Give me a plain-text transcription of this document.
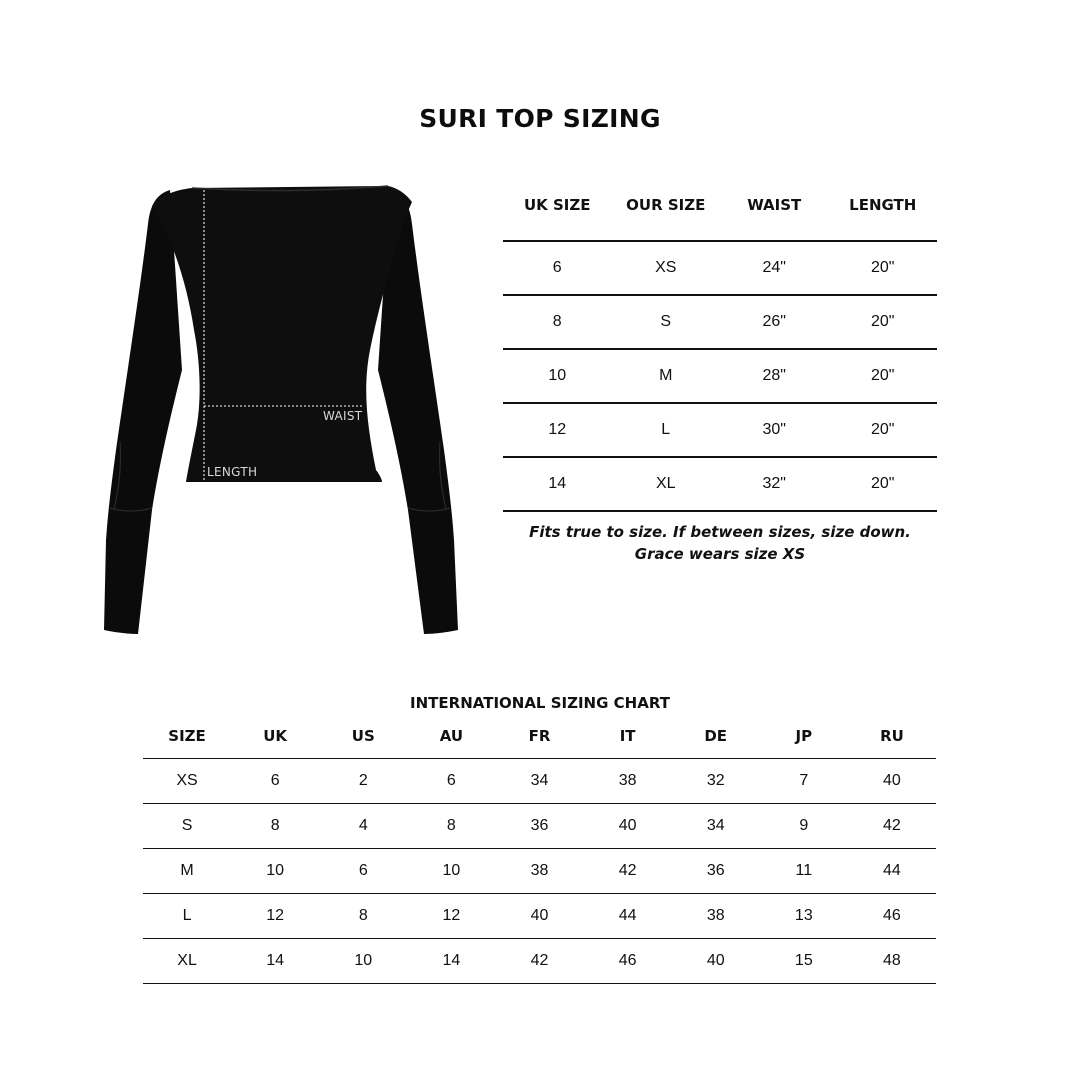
SURI TOP SIZING
WAIST
LENGTH
UK SIZE	OUR SIZE	WAIST	LENGTH
6	XS	24"	20"
8	S	26"	20"
10	M	28"	20"
12	L	30"	20"
14	XL	32"	20"
Fits true to size. If between sizes, size down.
Grace wears size XS
INTERNATIONAL SIZING CHART
SIZE	UK	US	AU	FR	IT	DE	JP	RU
XS	6	2	6	34	38	32	7	40
S	8	4	8	36	40	34	9	42
M	10	6	10	38	42	36	11	44
L	12	8	12	40	44	38	13	46
XL	14	10	14	42	46	40	15	48
